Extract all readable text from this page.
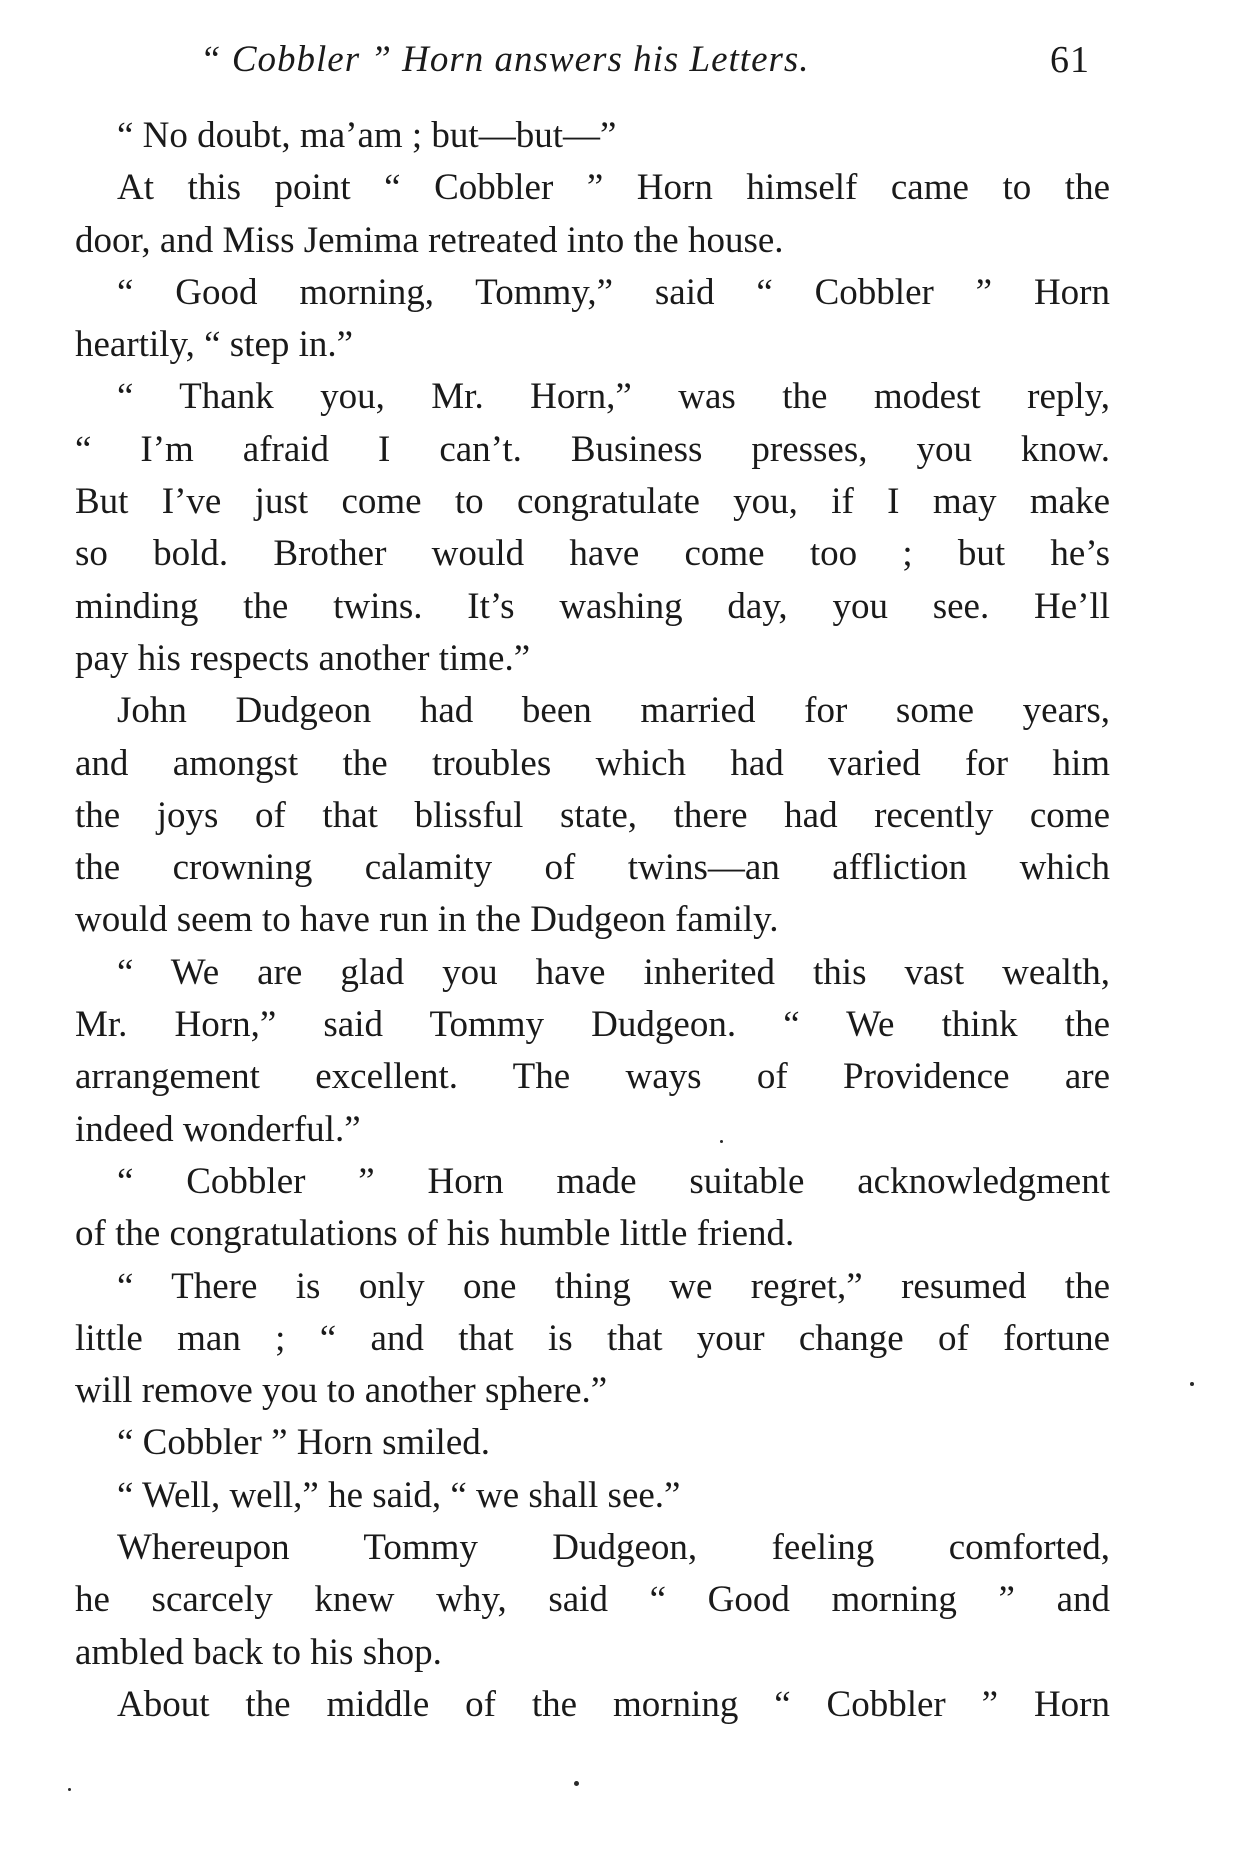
“ Cobbler ” Horn answers his Letters.	61
“ No doubt, ma’am ; but—but—”
At this point “ Cobbler ” Horn himself came to the
door, and Miss Jemima retreated into the house.
“ Good morning, Tommy,” said “ Cobbler ” Horn
heartily, “ step in.”
“ Thank you, Mr. Horn,” was the modest reply,
“ I’m afraid I can’t. Business presses, you know.
But I’ve just come to congratulate you, if I may make
so bold. Brother would have come too ; but he’s
minding the twins. It’s washing day, you see. He’ll
pay his respects another time.”
John Dudgeon had been married for some years,
and amongst the troubles which had varied for him
the joys of that blissful state, there had recently come
the crowning calamity of twins—an affliction which
would seem to have run in the Dudgeon family.
“ We are glad you have inherited this vast wealth,
Mr. Horn,” said Tommy Dudgeon. “ We think the
arrangement excellent. The ways of Providence are
indeed wonderful.”
“ Cobbler ” Horn made suitable acknowledgment
of the congratulations of his humble little friend.
“ There is only one thing we regret,” resumed the
little man ; “ and that is that your change of fortune
will remove you to another sphere.”
“ Cobbler ” Horn smiled.
“ Well, well,” he said, “ we shall see.”
Whereupon Tommy Dudgeon, feeling comforted,
he scarcely knew why, said “ Good morning ” and
ambled back to his shop.
About the middle of the morning “ Cobbler ” Horn
